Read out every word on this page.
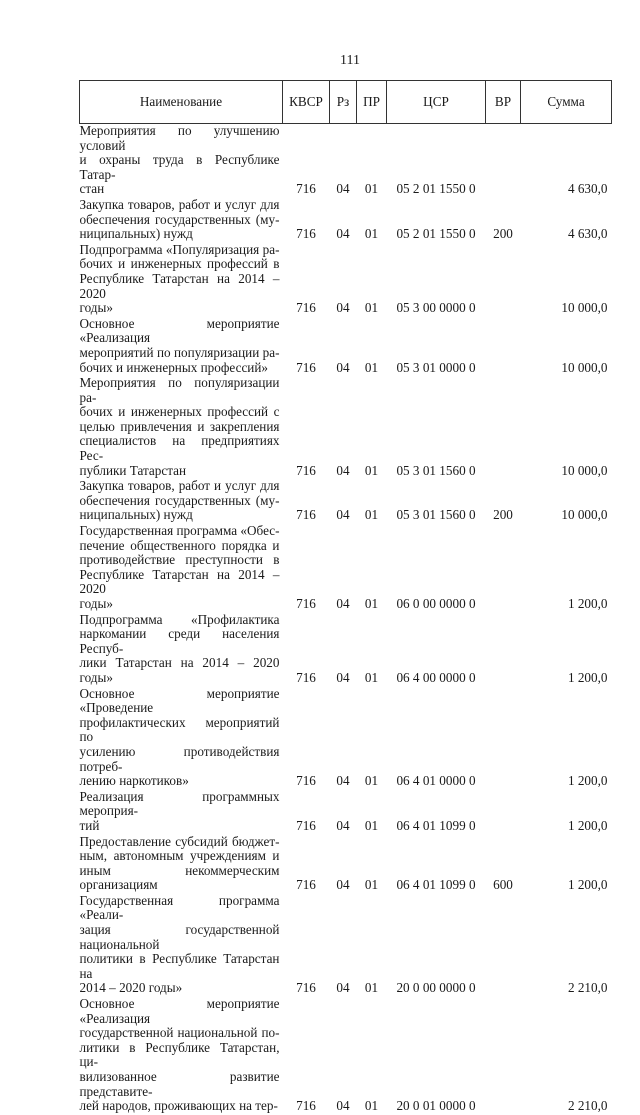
111
Наименование	КВСР	Рз	ПР	ЦСР	ВР	Сумма

Мероприятия по улучшению условий
и охраны труда в Республике Татар-
стан	716	04	01	05 2 01 1550 0		4 630,0

Закупка товаров, работ и услуг для
обеспечения государственных (му-
ниципальных) нужд	716	04	01	05 2 01 1550 0	200	4 630,0

Подпрограмма «Популяризация ра-
бочих и инженерных профессий в
Республике Татарстан на 2014 – 2020
годы»	716	04	01	05 3 00 0000 0		10 000,0

Основное мероприятие «Реализация
мероприятий по популяризации ра-
бочих и инженерных профессий»	716	04	01	05 3 01 0000 0		10 000,0

Мероприятия по популяризации ра-
бочих и инженерных профессий с
целью привлечения и закрепления
специалистов на предприятиях Рес-
публики Татарстан	716	04	01	05 3 01 1560 0		10 000,0

Закупка товаров, работ и услуг для
обеспечения государственных (му-
ниципальных) нужд	716	04	01	05 3 01 1560 0	200	10 000,0

Государственная программа «Обес-
печение общественного порядка и
противодействие преступности в
Республике Татарстан на 2014 – 2020
годы»	716	04	01	06 0 00 0000 0		1 200,0

Подпрограмма «Профилактика
наркомании среди населения Респуб-
лики Татарстан на 2014 – 2020 годы»	716	04	01	06 4 00 0000 0		1 200,0

Основное мероприятие «Проведение
профилактических мероприятий по
усилению противодействия потреб-
лению наркотиков»	716	04	01	06 4 01 0000 0		1 200,0

Реализация программных мероприя-
тий	716	04	01	06 4 01 1099 0		1 200,0

Предоставление субсидий бюджет-
ным, автономным учреждениям и
иным некоммерческим организациям	716	04	01	06 4 01 1099 0	600	1 200,0

Государственная программа «Реали-
зация государственной национальной
политики в Республике Татарстан на
2014 – 2020 годы»	716	04	01	20 0 00 0000 0		2 210,0

Основное мероприятие «Реализация
государственной национальной по-
литики в Республике Татарстан, ци-
вилизованное развитие представите-
лей народов, проживающих на тер-	716	04	01	20 0 01 0000 0		2 210,0
